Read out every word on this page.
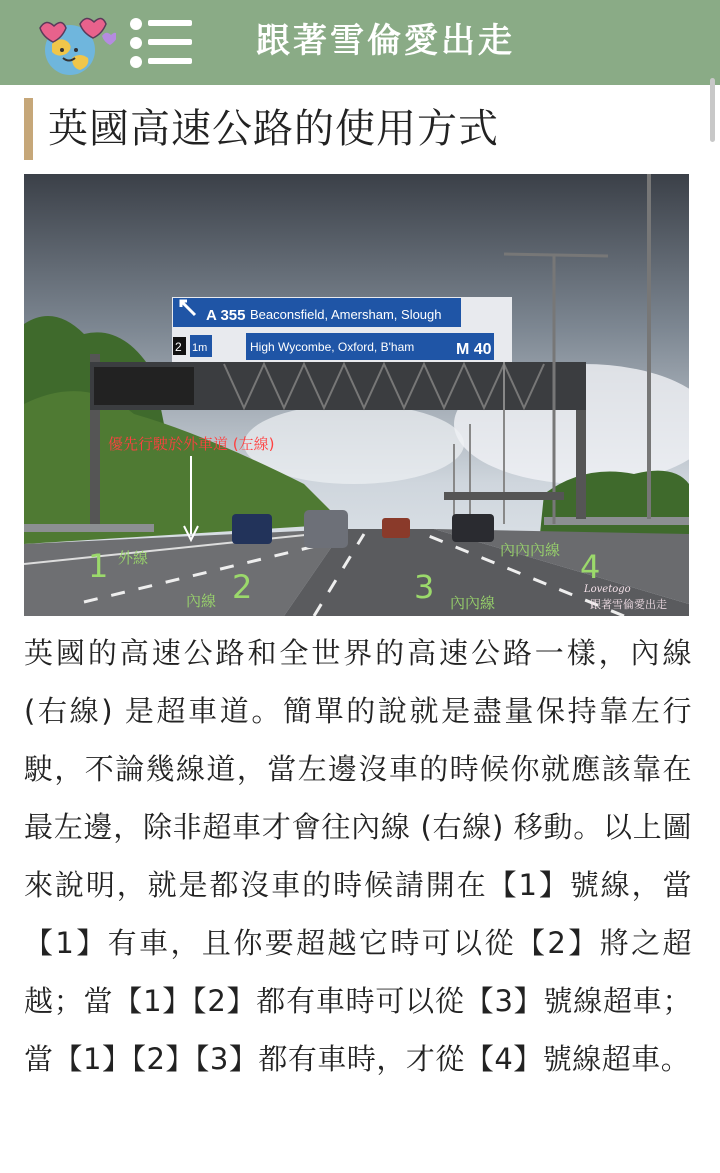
跟著雪倫愛出走
英國高速公路的使用方式
A 355 Beaconsfield, Amersham, Slough
2 1m	High Wycombe, Oxford, B'ham	M 40
優先行駛於外車道 (左線)
1 外線
2
內線	3 內內線
4
內內內線
Lovetogo
跟著雪倫愛出走
英國的高速公路和全世界的高速公路一樣，內線 (右線) 是超車道。簡單的說就是盡量保持靠左行駛，不論幾線道，當左邊沒車的時候你就應該靠在最左邊，除非超車才會往內線 (右線) 移動。以上圖來說明，就是都沒車的時候請開在【1】號線，當【1】有車，且你要超越它時可以從【2】將之超越；當【1】【2】都有車時可以從【3】號線超車；當【1】【2】【3】都有車時，才從【4】號線超車。
